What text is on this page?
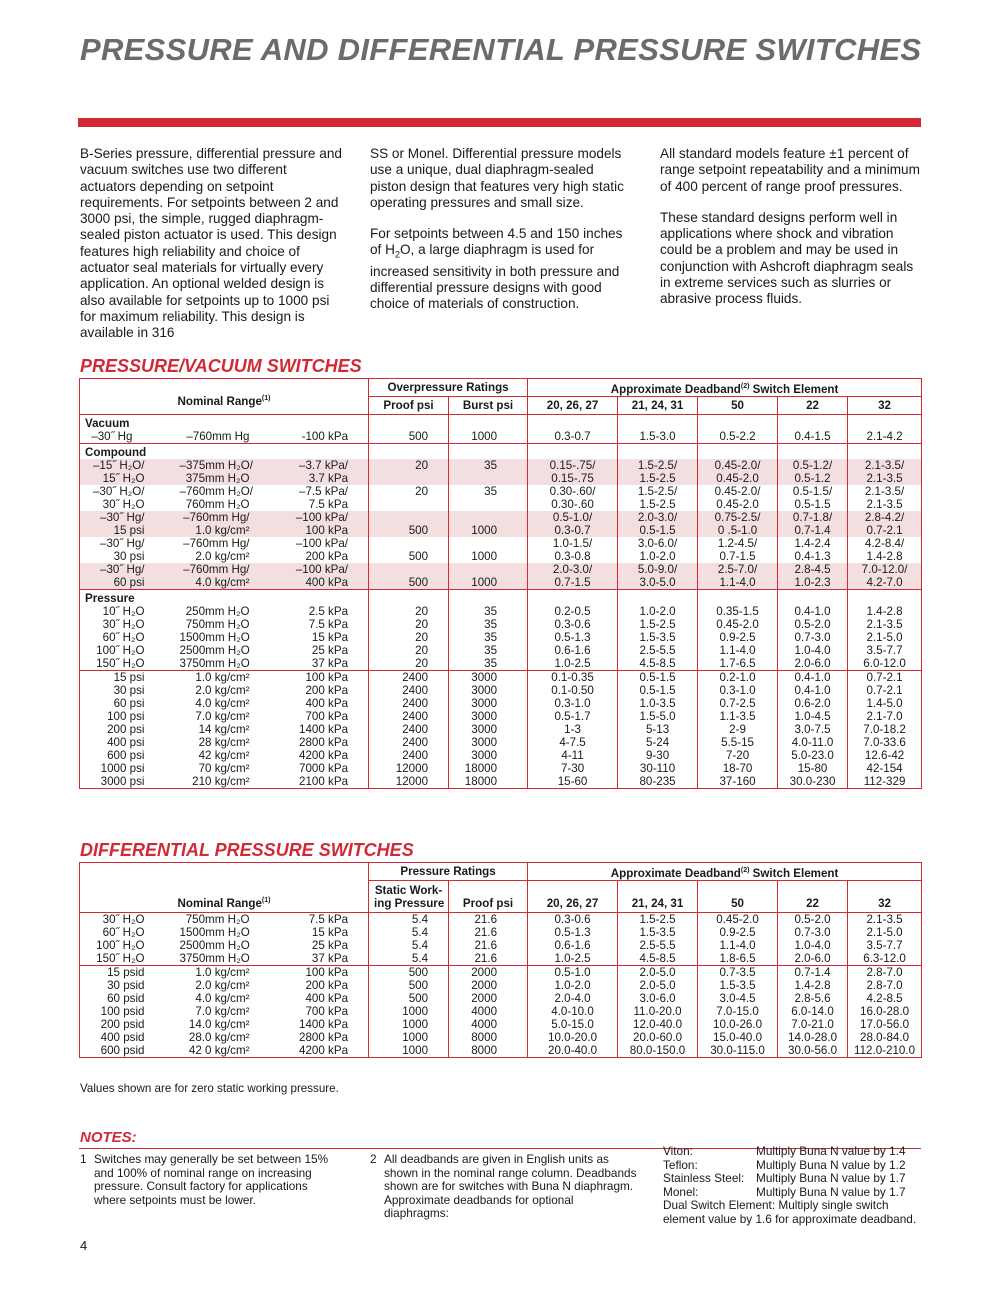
PRESSURE AND DIFFERENTIAL PRESSURE SWITCHES

B-Series pressure, differential pressure and vacuum switches use two different actuators depending on setpoint requirements. For setpoints between 2 and 3000 psi, the simple, rugged diaphragm-sealed piston actuator is used. This design features high reliability and choice of actuator seal materials for virtually every application. An optional welded design is also available for setpoints up to 1000 psi for maximum reliability. This design is available in 316

SS or Monel. Differential pressure models use a unique, dual diaphragm-sealed piston design that features very high static operating pressures and small size.

For setpoints between 4.5 and 150 inches of $H_2O$, a large diaphragm is used for increased sensitivity in both pressure and differential pressure designs with good choice of materials of construction.

All standard models feature ±1 percent of range setpoint repeatability and a minimum of 400 percent of range proof pressures.

These standard designs perform well in applications where shock and vibration could be a problem and may be used in conjunction with Ashcroft diaphragm seals in extreme services such as slurries or abrasive process fluids.

PRESSURE/VACUUM SWITCHES
Nominal Range$^{(1)}$			Overpressure Ratings		Approximate Deadband$^{(2)}$ Switch Element				
			Proof psi	Burst psi	20, 26, 27	21, 24, 31	50	22	32
Vacuum									
–30˝ Hg	–760mm Hg	-100 kPa	500	1000	0.3-0.7	1.5-3.0	0.5-2.2	0.4-1.5	2.1-4.2
Compound									
–15˝ H₂O/	–375mm H₂O/	–3.7 kPa/	20	35	0.15-.75/	1.5-2.5/	0.45-2.0/	0.5-1.2/	2.1-3.5/
15˝ H₂O	375mm H₂O	3.7 kPa			0.15-.75	1.5-2.5	0.45-2.0	0.5-1.2	2.1-3.5
–30˝ H₂O/	–760mm H₂O/	–7.5 kPa/	20	35	0.30-.60/	1.5-2.5/	0.45-2.0/	0.5-1.5/	2.1-3.5/
30˝ H₂O	760mm H₂O	7.5 kPa			0.30-.60	1.5-2.5	0.45-2.0	0.5-1.5	2.1-3.5
–30˝ Hg/	–760mm Hg/	–100 kPa/			0.5-1.0/	2.0-3.0/	0.75-2.5/	0.7-1.8/	2.8-4.2/
15 psi	1.0 kg/cm²	100 kPa	500	1000	0.3-0.7	0.5-1.5	0 .5-1.0	0.7-1.4	0.7-2.1
–30˝ Hg/	–760mm Hg/	–100 kPa/			1.0-1.5/	3.0-6.0/	1.2-4.5/	1.4-2.4	4.2-8.4/
30 psi	2.0 kg/cm²	200 kPa	500	1000	0.3-0.8	1.0-2.0	0.7-1.5	0.4-1.3	1.4-2.8
–30˝ Hg/	–760mm Hg/	–100 kPa/			2.0-3.0/	5.0-9.0/	2.5-7.0/	2.8-4.5	7.0-12.0/
60 psi	4.0 kg/cm²	400 kPa	500	1000	0.7-1.5	3.0-5.0	1.1-4.0	1.0-2.3	4.2-7.0
Pressure									
10˝ H₂O	250mm H₂O	2.5 kPa	20	35	0.2-0.5	1.0-2.0	0.35-1.5	0.4-1.0	1.4-2.8
30˝ H₂O	750mm H₂O	7.5 kPa	20	35	0.3-0.6	1.5-2.5	0.45-2.0	0.5-2.0	2.1-3.5
60˝ H₂O	1500mm H₂O	15 kPa	20	35	0.5-1.3	1.5-3.5	0.9-2.5	0.7-3.0	2.1-5.0
100˝ H₂O	2500mm H₂O	25 kPa	20	35	0.6-1.6	2.5-5.5	1.1-4.0	1.0-4.0	3.5-7.7
150˝ H₂O	3750mm H₂O	37 kPa	20	35	1.0-2.5	4.5-8.5	1.7-6.5	2.0-6.0	6.0-12.0
15 psi	1.0 kg/cm²	100 kPa	2400	3000	0.1-0.35	0.5-1.5	0.2-1.0	0.4-1.0	0.7-2.1
30 psi	2.0 kg/cm²	200 kPa	2400	3000	0.1-0.50	0.5-1.5	0.3-1.0	0.4-1.0	0.7-2.1
60 psi	4.0 kg/cm²	400 kPa	2400	3000	0.3-1.0	1.0-3.5	0.7-2.5	0.6-2.0	1.4-5.0
100 psi	7.0 kg/cm²	700 kPa	2400	3000	0.5-1.7	1.5-5.0	1.1-3.5	1.0-4.5	2.1-7.0
200 psi	14 kg/cm²	1400 kPa	2400	3000	1-3	5-13	2-9	3.0-7.5	7.0-18.2
400 psi	28 kg/cm²	2800 kPa	2400	3000	4-7.5	5-24	5.5-15	4.0-11.0	7.0-33.6
600 psi	42 kg/cm²	4200 kPa	2400	3000	4-11	9-30	7-20	5.0-23.0	12.6-42
1000 psi	70 kg/cm²	7000 kPa	12000	18000	7-30	30-110	18-70	15-80	42-154
3000 psi	210 kg/cm²	2100 kPa	12000	18000	15-60	80-235	37-160	30.0-230	112-329
DIFFERENTIAL PRESSURE SWITCHES
Nominal Range$^{(1)}$			Pressure Ratings		Approximate Deadband$^{(2)}$ Switch Element				
			Static Work-
ing Pressure	Proof psi	20, 26, 27	21, 24, 31	50	22	32
30˝ H₂O	750mm H₂O	7.5 kPa	5.4	21.6	0.3-0.6	1.5-2.5	0.45-2.0	0.5-2.0	2.1-3.5
60˝ H₂O	1500mm H₂O	15 kPa	5.4	21.6	0.5-1.3	1.5-3.5	0.9-2.5	0.7-3.0	2.1-5.0
100˝ H₂O	2500mm H₂O	25 kPa	5.4	21.6	0.6-1.6	2.5-5.5	1.1-4.0	1.0-4.0	3.5-7.7
150˝ H₂O	3750mm H₂O	37 kPa	5.4	21.6	1.0-2.5	4.5-8.5	1.8-6.5	2.0-6.0	6.3-12.0
15 psid	1.0 kg/cm²	100 kPa	500	2000	0.5-1.0	2.0-5.0	0.7-3.5	0.7-1.4	2.8-7.0
30 psid	2.0 kg/cm²	200 kPa	500	2000	1.0-2.0	2.0-5.0	1.5-3.5	1.4-2.8	2.8-7.0
60 psid	4.0 kg/cm²	400 kPa	500	2000	2.0-4.0	3.0-6.0	3.0-4.5	2.8-5.6	4.2-8.5
100 psid	7.0 kg/cm²	700 kPa	1000	4000	4.0-10.0	11.0-20.0	7.0-15.0	6.0-14.0	16.0-28.0
200 psid	14.0 kg/cm²	1400 kPa	1000	4000	5.0-15.0	12.0-40.0	10.0-26.0	7.0-21.0	17.0-56.0
400 psid	28.0 kg/cm²	2800 kPa	1000	8000	10.0-20.0	20.0-60.0	15.0-40.0	14.0-28.0	28.0-84.0
600 psid	42 0 kg/cm²	4200 kPa	1000	8000	20.0-40.0	80.0-150.0	30.0-115.0	30.0-56.0	112.0-210.0
Values shown are for zero static working pressure.
NOTES:
1 Switches may generally be set between 15% and 100% of nominal range on increasing pressure. Consult factory for applications where setpoints must be lower.
2 All deadbands are given in English units as shown in the nominal range column. Deadbands shown are for switches with Buna N diaphragm. Approximate deadbands for optional diaphragms:
Viton:	Multiply Buna N value by 1.4
Teflon:	Multiply Buna N value by 1.2
Stainless Steel: Multiply Buna N value by 1.7
Monel:	Multiply Buna N value by 1.7
Dual Switch Element: Multiply single switch element value by 1.6 for approximate deadband.
4
